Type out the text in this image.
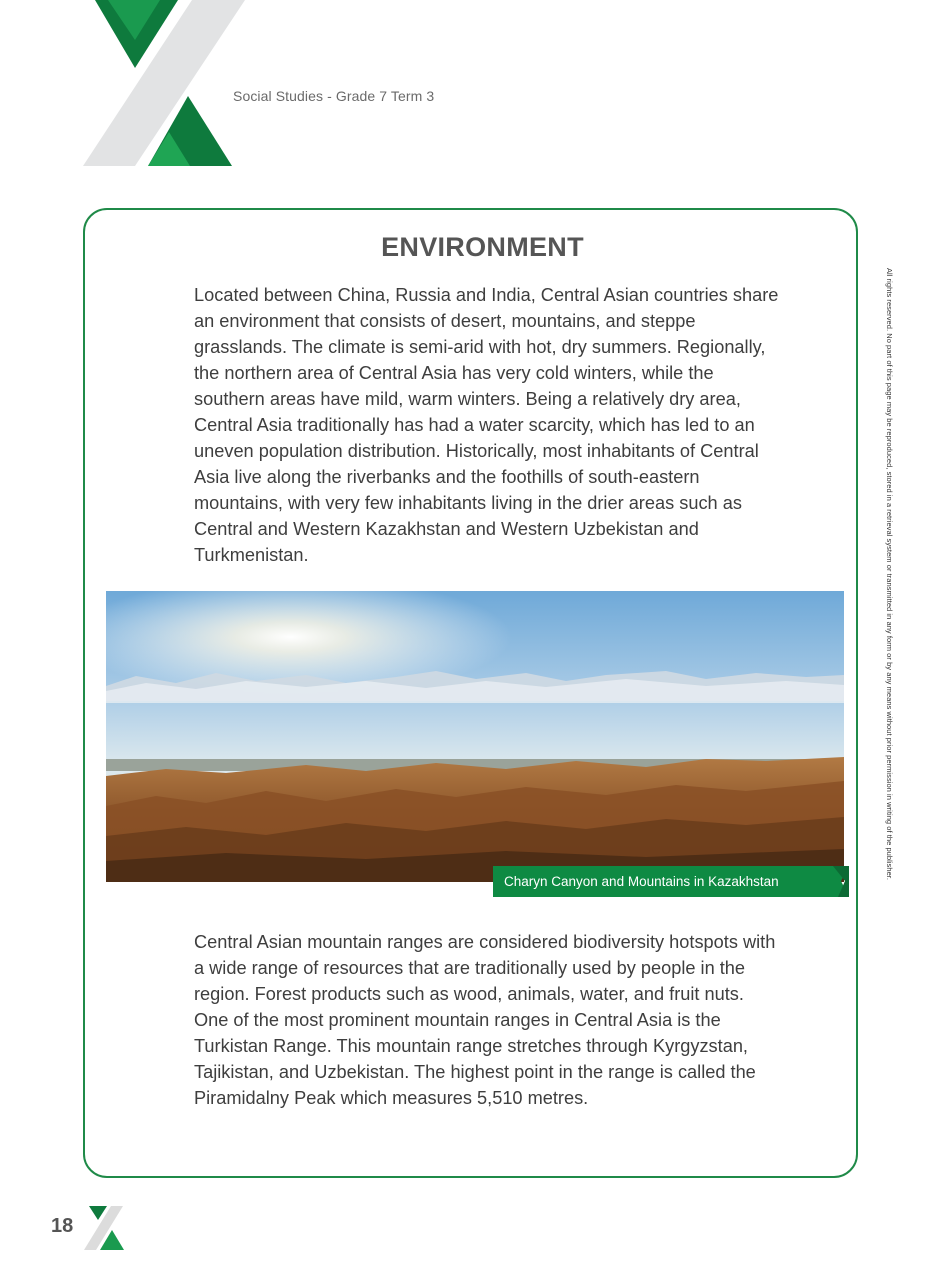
Social Studies - Grade 7 Term 3
All rights reserved. No part of this page may be reproduced, stored in a retrieval system or transmitted in any form or by any means without prior permission in writing of the publisher.
ENVIRONMENT
Located between China, Russia and India, Central Asian countries share an environment that consists of desert, mountains, and steppe grasslands. The climate is semi-arid with hot, dry summers. Regionally, the northern area of Central Asia has very cold winters, while the southern areas have mild, warm winters. Being a relatively dry area, Central Asia traditionally has had a water scarcity, which has led to an uneven population distribution. Historically, most inhabitants of Central Asia live along the riverbanks and the foothills of south-eastern mountains, with very few inhabitants living in the drier areas such as Central and Western Kazakhstan and Western Uzbekistan and Turkmenistan.
Charyn Canyon and Mountains in Kazakhstan
Central Asian mountain ranges are considered biodiversity hotspots with a wide range of resources that are traditionally used by people in the region. Forest products such as wood, animals, water, and fruit nuts. One of the most prominent mountain ranges in Central Asia is the Turkistan Range. This mountain range stretches through Kyrgyzstan, Tajikistan, and Uzbekistan. The highest point in the range is called the Piramidalny Peak which measures 5,510 metres.
18
